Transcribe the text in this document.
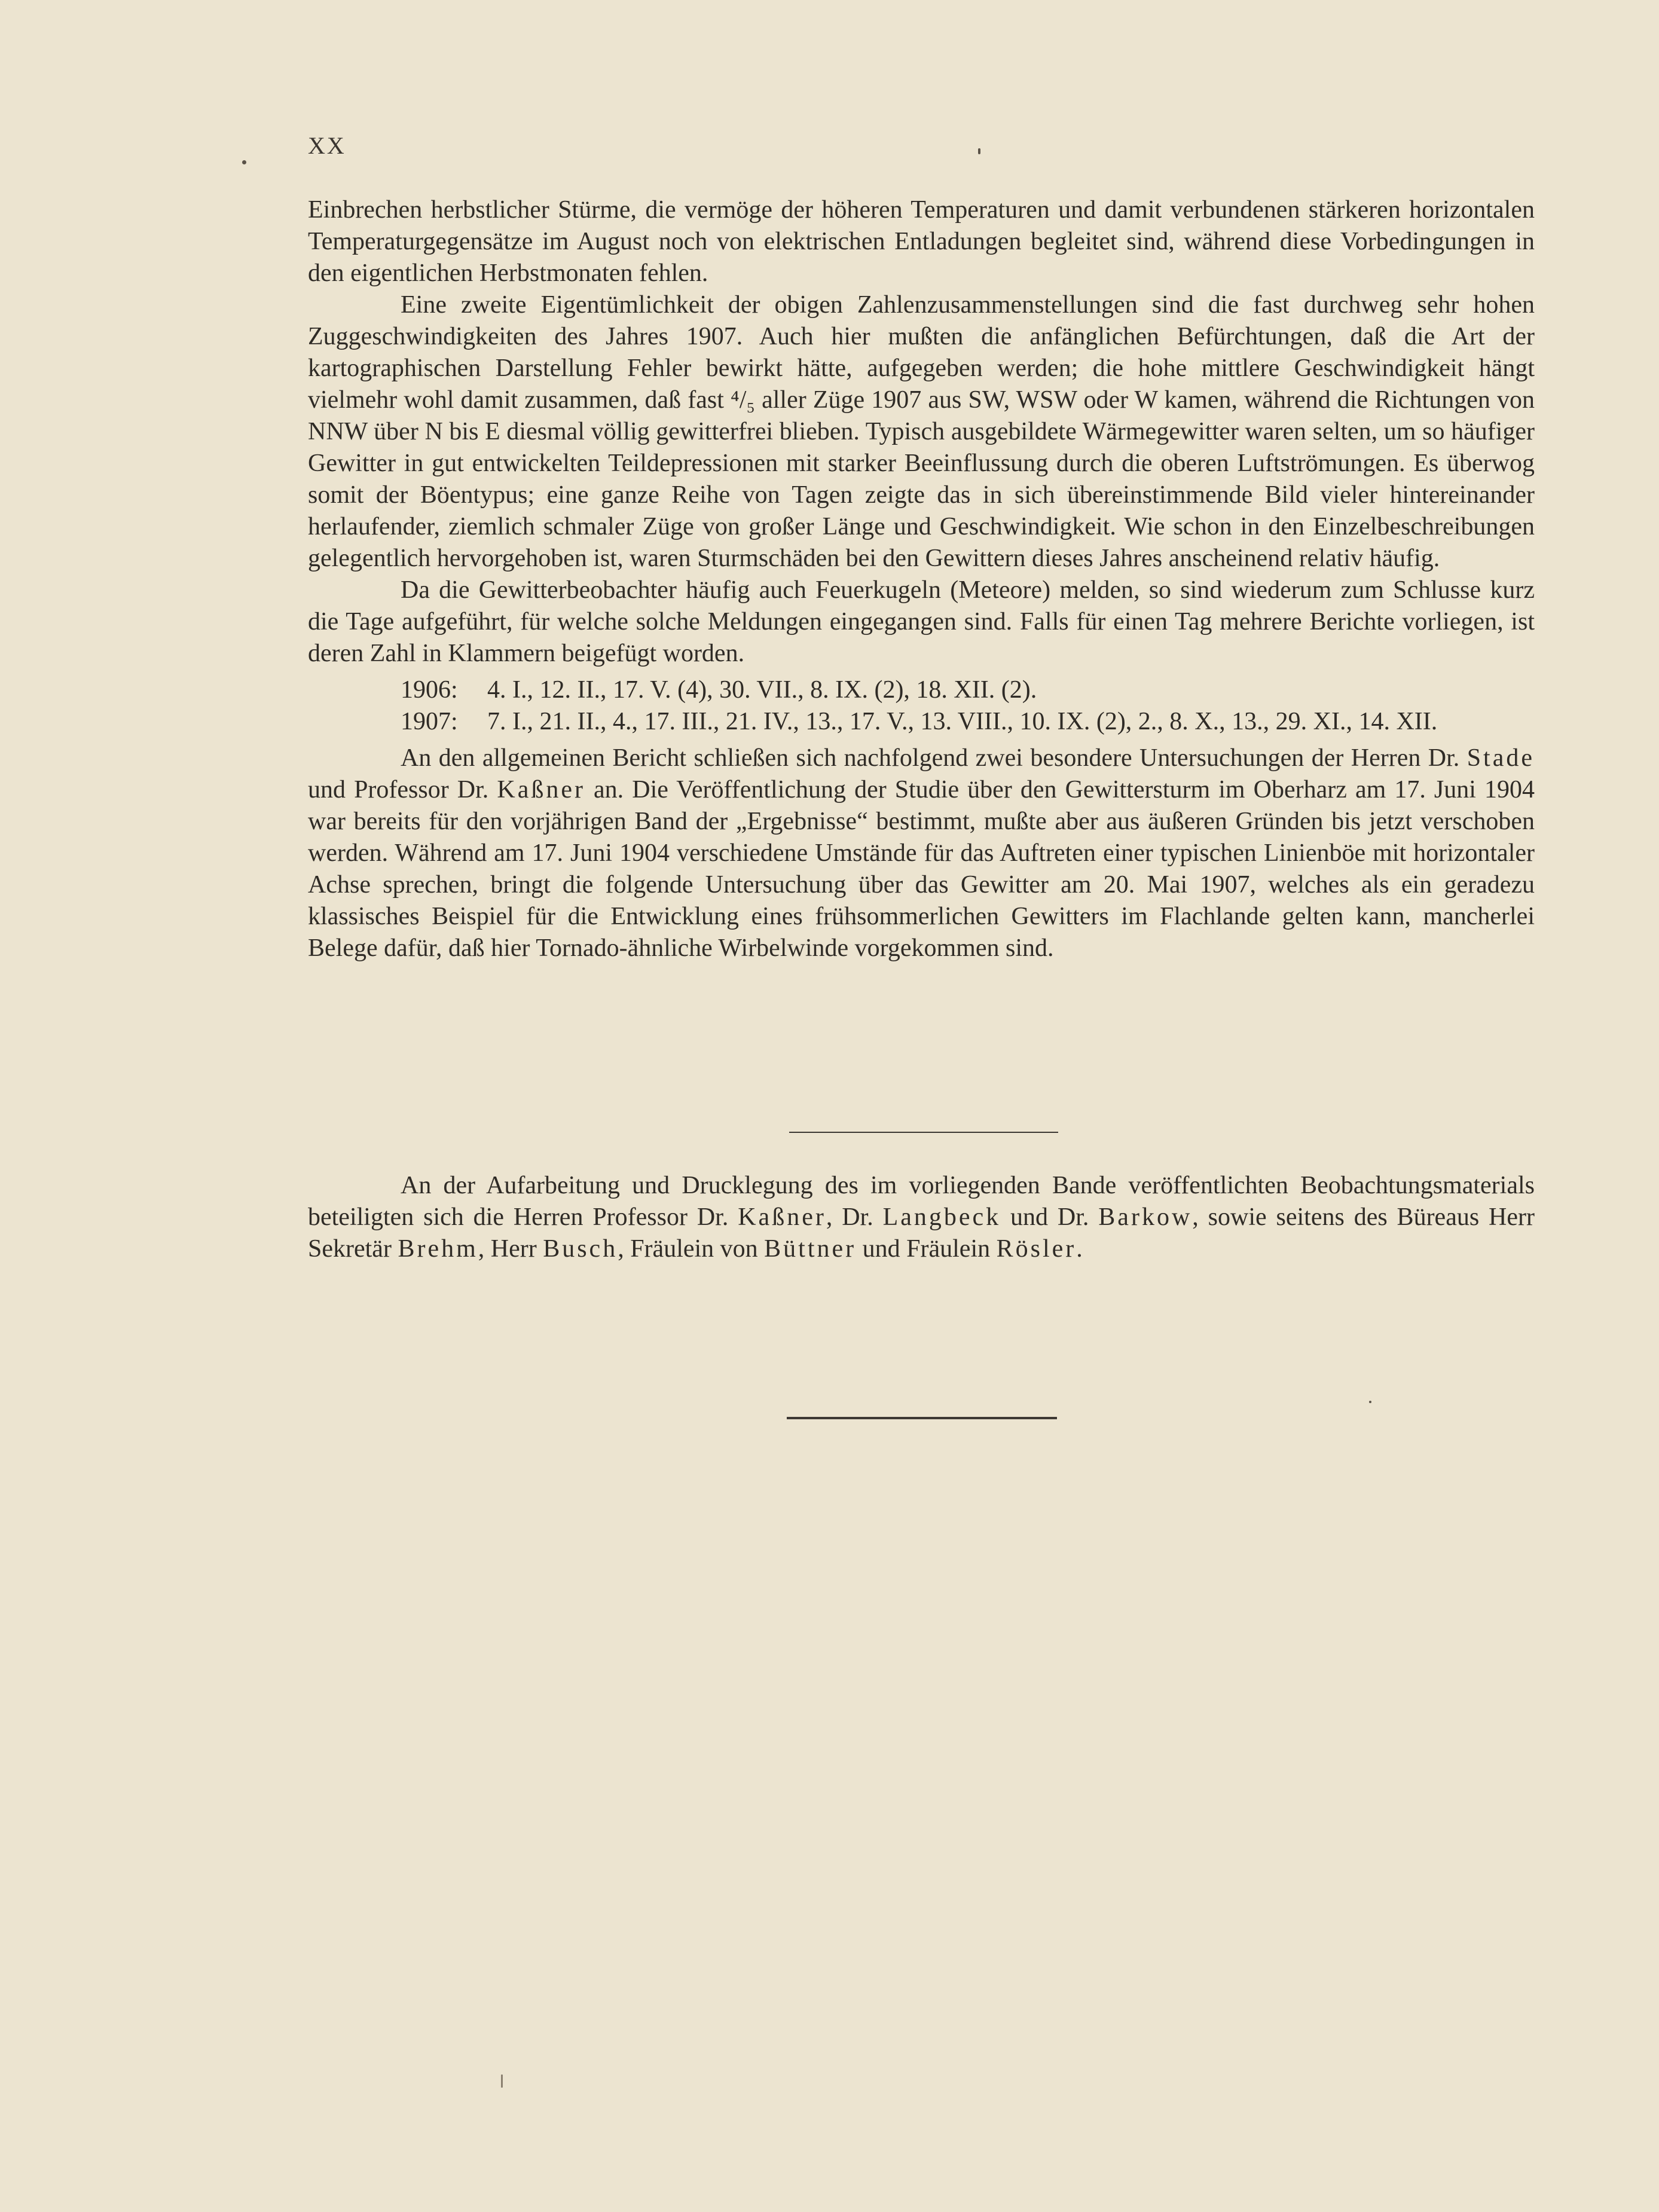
XX

Einbrechen herbstlicher Stürme, die vermöge der höheren Temperaturen und damit verbundenen stärkeren horizontalen Temperaturgegensätze im August noch von elektrischen Entladungen begleitet sind, während diese Vorbedingungen in den eigentlichen Herbstmonaten fehlen.

Eine zweite Eigentümlichkeit der obigen Zahlenzusammenstellungen sind die fast durchweg sehr hohen Zuggeschwindigkeiten des Jahres 1907. Auch hier mußten die anfänglichen Befürchtungen, daß die Art der kartographischen Darstellung Fehler bewirkt hätte, aufgegeben werden; die hohe mittlere Geschwindigkeit hängt vielmehr wohl damit zusammen, daß fast ⁴/₅ aller Züge 1907 aus SW, WSW oder W kamen, während die Richtungen von NNW über N bis E diesmal völlig gewitterfrei blieben. Typisch ausgebildete Wärmegewitter waren selten, um so häufiger Gewitter in gut entwickelten Teildepressionen mit starker Beeinflussung durch die oberen Luftströmungen. Es überwog somit der Böentypus; eine ganze Reihe von Tagen zeigte das in sich übereinstimmende Bild vieler hintereinander herlaufender, ziemlich schmaler Züge von großer Länge und Geschwindigkeit. Wie schon in den Einzelbeschreibungen gelegentlich hervorgehoben ist, waren Sturmschäden bei den Gewittern dieses Jahres anscheinend relativ häufig.

Da die Gewitterbeobachter häufig auch Feuerkugeln (Meteore) melden, so sind wiederum zum Schlusse kurz die Tage aufgeführt, für welche solche Meldungen eingegangen sind. Falls für einen Tag mehrere Berichte vorliegen, ist deren Zahl in Klammern beigefügt worden.

1906:	4. I., 12. II., 17. V. (4), 30. VII., 8. IX. (2), 18. XII. (2).
1907:	7. I., 21. II., 4., 17. III., 21. IV., 13., 17. V., 13. VIII., 10. IX. (2), 2., 8. X., 13., 29. XI., 14. XII.

An den allgemeinen Bericht schließen sich nachfolgend zwei besondere Untersuchungen der Herren Dr. Stade und Professor Dr. Kaßner an. Die Veröffentlichung der Studie über den Gewittersturm im Oberharz am 17. Juni 1904 war bereits für den vorjährigen Band der „Ergebnisse“ bestimmt, mußte aber aus äußeren Gründen bis jetzt verschoben werden. Während am 17. Juni 1904 verschiedene Umstände für das Auftreten einer typischen Linienböe mit horizontaler Achse sprechen, bringt die folgende Untersuchung über das Gewitter am 20. Mai 1907, welches als ein geradezu klassisches Beispiel für die Entwicklung eines frühsommerlichen Gewitters im Flachlande gelten kann, mancherlei Belege dafür, daß hier Tornado-ähnliche Wirbelwinde vorgekommen sind.

An der Aufarbeitung und Drucklegung des im vorliegenden Bande veröffentlichten Beobachtungsmaterials beteiligten sich die Herren Professor Dr. Kaßner, Dr. Langbeck und Dr. Barkow, sowie seitens des Büreaus Herr Sekretär Brehm, Herr Busch, Fräulein von Büttner und Fräulein Rösler.
